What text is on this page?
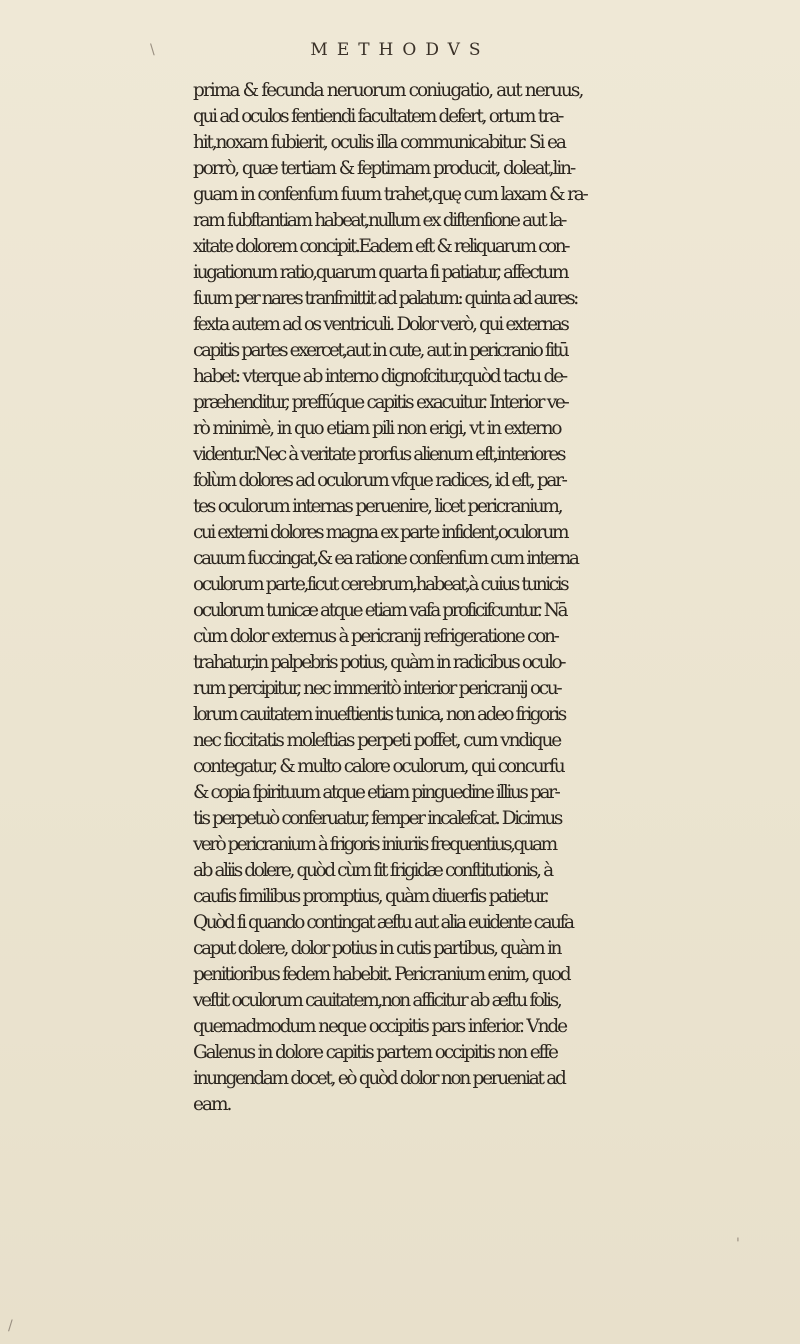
\	METHODVS
prima & fecunda neruorum coniugatio, aut neruus,
qui ad oculos fentiendi facultatem defert, ortum tra-
hit,noxam fubierit, oculis illa communicabitur. Si ea
porrò, quæ tertiam & feptimam producit, doleat,lin-
guam in confenfum fuum trahet,quę cum laxam & ra-
ram fubftantiam habeat,nullum ex diftenfione aut la-
xitate dolorem concipit.Eadem eft & reliquarum con-
iugationum ratio,quarum quarta fi patiatur, affectum
fuum per nares tranfmittit ad palatum: quinta ad aures:
fexta autem ad os ventriculi. Dolor verò, qui externas
capitis partes exercet,aut in cute, aut in pericranio fitū
habet: vterque ab interno dignofcitur,quòd tactu de-
præhenditur, preffúque capitis exacuitur. Interior ve-
rò minimè, in quo etiam pili non erigi, vt in externo
videntur.Nec à veritate prorfus alienum eft,interiores
folùm dolores ad oculorum vfque radices, id eft, par-
tes oculorum internas peruenire, licet pericranium,
cui externi dolores magna ex parte infident,oculorum
cauum fuccingat,& ea ratione confenfum cum interna
oculorum parte,ficut cerebrum,habeat,à cuius tunicis
oculorum tunicæ atque etiam vafa proficifcuntur. Nā
cùm dolor externus à pericranij refrigeratione con-
trahatur,in palpebris potius, quàm in radicibus oculo-
rum percipitur, nec immeritò interior pericranij ocu-
lorum cauitatem inueftientis tunica, non adeo frigoris
nec ficcitatis moleftias perpeti poffet, cum vndique
contegatur, & multo calore oculorum, qui concurfu
& copia fpirituum atque etiam pinguedine illius par-
tis perpetuò conferuatur, femper incalefcat. Dicimus
verò pericranium à frigoris iniuriis frequentius,quam
ab aliis dolere, quòd cùm fit frigidæ conftitutionis, à
caufis fimilibus promptius, quàm diuerfis patietur.
Quòd fi quando contingat æftu aut alia euidente caufa
caput dolere, dolor potius in cutis partibus, quàm in
penitioribus fedem habebit. Pericranium enim, quod
veftit oculorum cauitatem,non afficitur ab æftu folis,
quemadmodum neque occipitis pars inferior. Vnde
Galenus in dolore capitis partem occipitis non effe
inungendam docet, eò quòd dolor non perueniat ad
eam.
'
/
